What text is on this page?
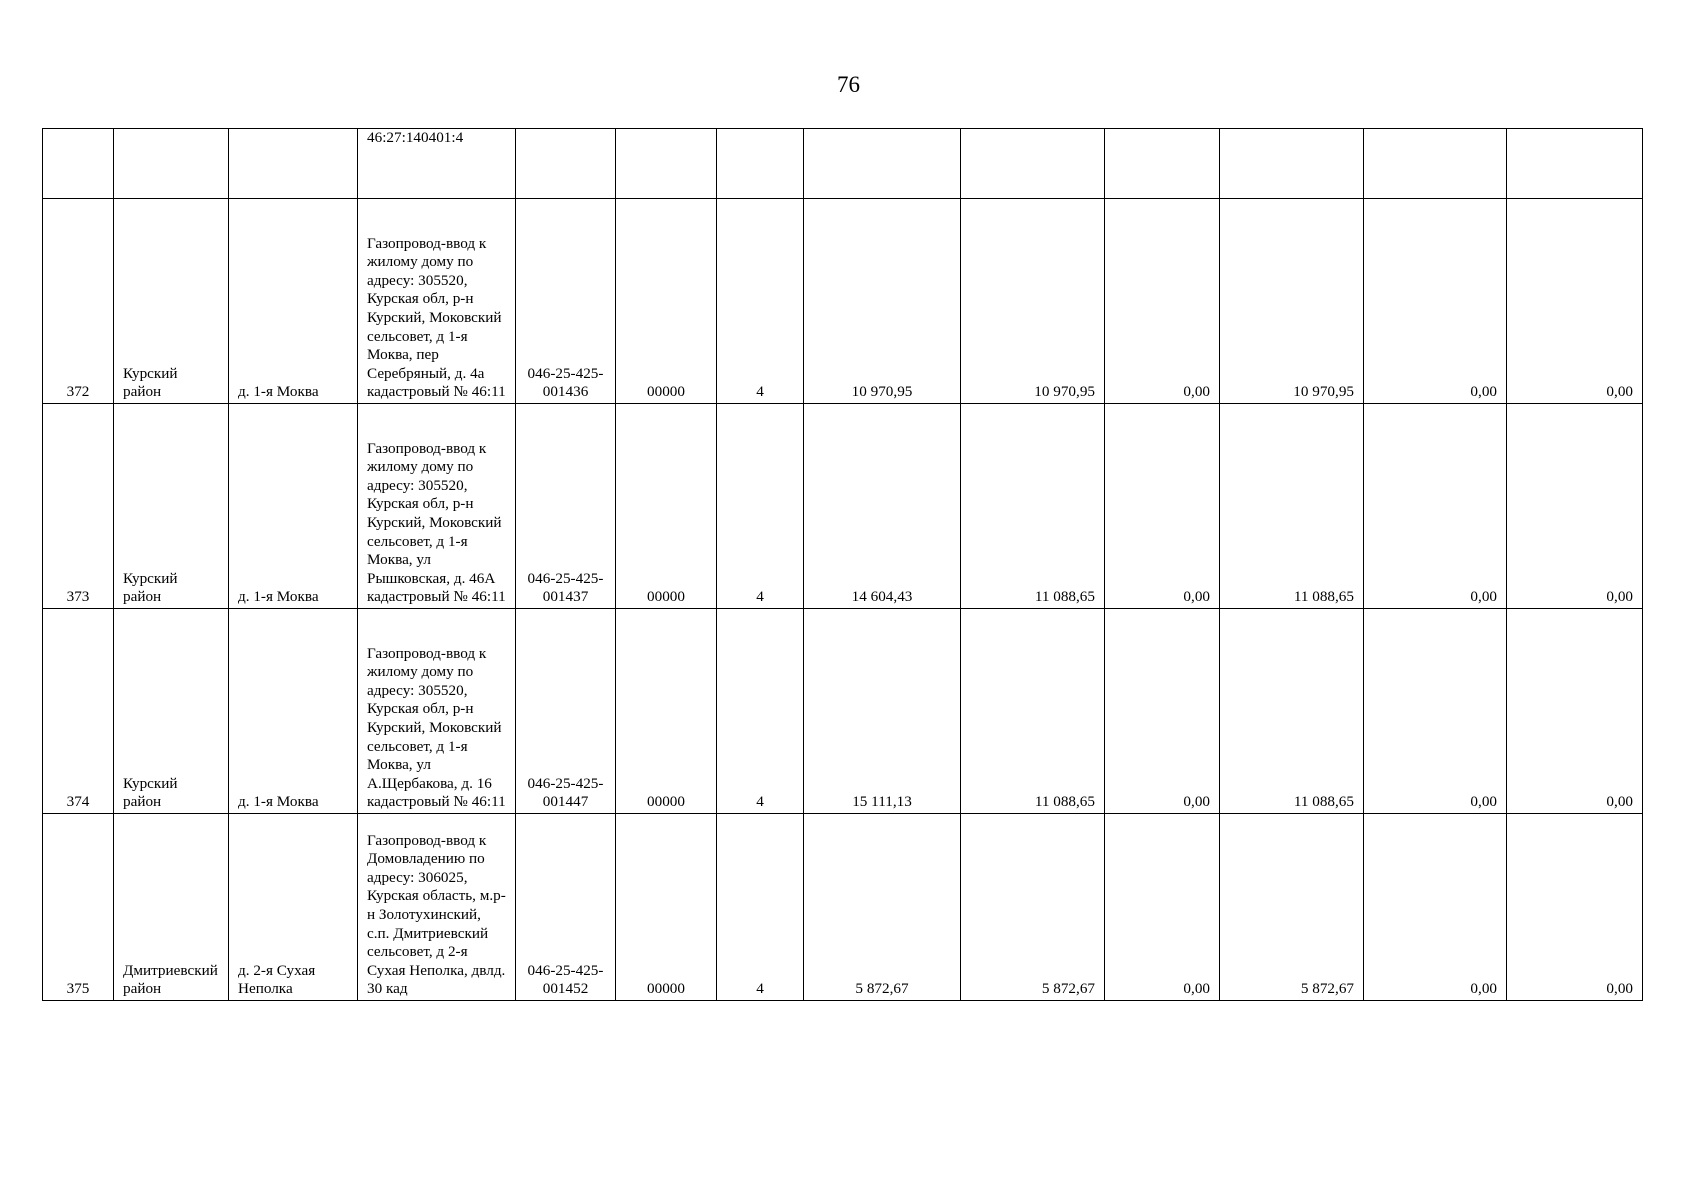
76
			46:27:140401:4									
372	Курский район	д. 1-я Моква	Газопровод-ввод к жилому дому по адресу: 305520, Курская обл, р-н Курский, Моковский сельсовет, д 1-я Моква, пер Серебряный, д. 4а кадастровый № 46:11	046-25-425-001436	00000	4	10 970,95	10 970,95	0,00	10 970,95	0,00	0,00
373	Курский район	д. 1-я Моква	Газопровод-ввод к жилому дому по адресу: 305520, Курская обл, р-н Курский, Моковский сельсовет, д 1-я Моква, ул Рышковская, д. 46А кадастровый № 46:11	046-25-425-001437	00000	4	14 604,43	11 088,65	0,00	11 088,65	0,00	0,00
374	Курский район	д. 1-я Моква	Газопровод-ввод к жилому дому по адресу: 305520, Курская обл, р-н Курский, Моковский сельсовет, д 1-я Моква, ул А.Щербакова, д. 16 кадастровый № 46:11	046-25-425-001447	00000	4	15 111,13	11 088,65	0,00	11 088,65	0,00	0,00
375	Дмитриевский район	д. 2-я Сухая Неполка	Газопровод-ввод к Домовладению по адресу: 306025, Курская область, м.р-н Золотухинский, с.п. Дмитриевский сельсовет, д 2-я Сухая Неполка, двлд. 30 кад	046-25-425-001452	00000	4	5 872,67	5 872,67	0,00	5 872,67	0,00	0,00
